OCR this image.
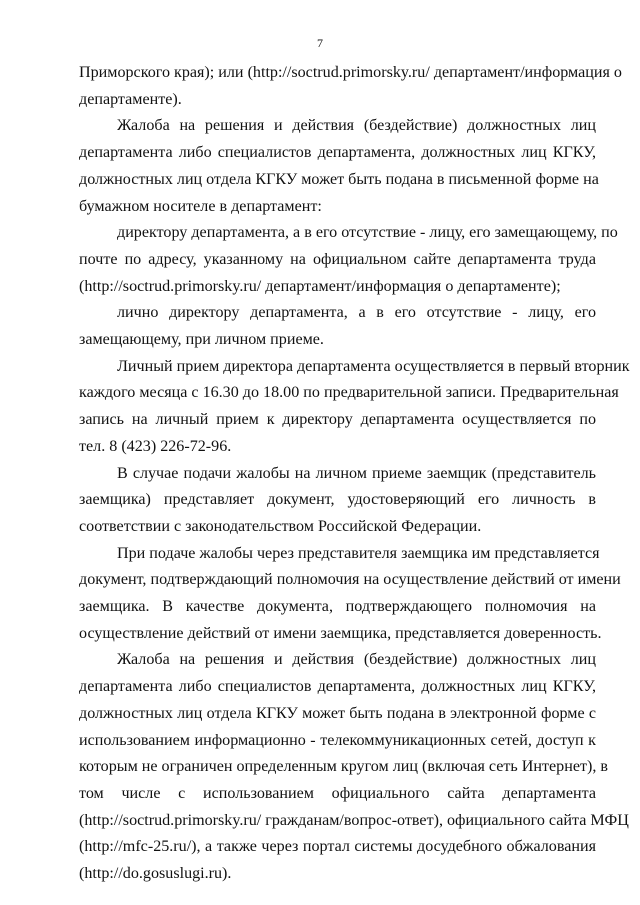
7
Приморского края); или (http://soctrud.primorsky.ru/ департамент/информация о
департаменте).
Жалоба на решения и действия (бездействие) должностных лиц
департамента либо специалистов департамента, должностных лиц КГКУ,
должностных лиц отдела КГКУ может быть подана в письменной форме на
бумажном носителе в департамент:
директору департамента, а в его отсутствие - лицу, его замещающему, по
почте по адресу, указанному на официальном сайте департамента труда
(http://soctrud.primorsky.ru/ департамент/информация о департаменте);
лично директору департамента, а в его отсутствие - лицу, его
замещающему, при личном приеме.
Личный прием директора департамента осуществляется в первый вторник
каждого месяца с 16.30 до 18.00 по предварительной записи. Предварительная
запись на личный прием к директору департамента осуществляется по
тел. 8 (423) 226-72-96.
В случае подачи жалобы на личном приеме заемщик (представитель
заемщика) представляет документ, удостоверяющий его личность в
соответствии с законодательством Российской Федерации.
При подаче жалобы через представителя заемщика им представляется
документ, подтверждающий полномочия на осуществление действий от имени
заемщика. В качестве документа, подтверждающего полномочия на
осуществление действий от имени заемщика, представляется доверенность.
Жалоба на решения и действия (бездействие) должностных лиц
департамента либо специалистов департамента, должностных лиц КГКУ,
должностных лиц отдела КГКУ может быть подана в электронной форме с
использованием информационно - телекоммуникационных сетей, доступ к
которым не ограничен определенным кругом лиц (включая сеть Интернет), в
том числе с использованием официального сайта департамента
(http://soctrud.primorsky.ru/ гражданам/вопрос-ответ), официального сайта МФЦ
(http://mfc-25.ru/), а также через портал системы досудебного обжалования
(http://do.gosuslugi.ru).
